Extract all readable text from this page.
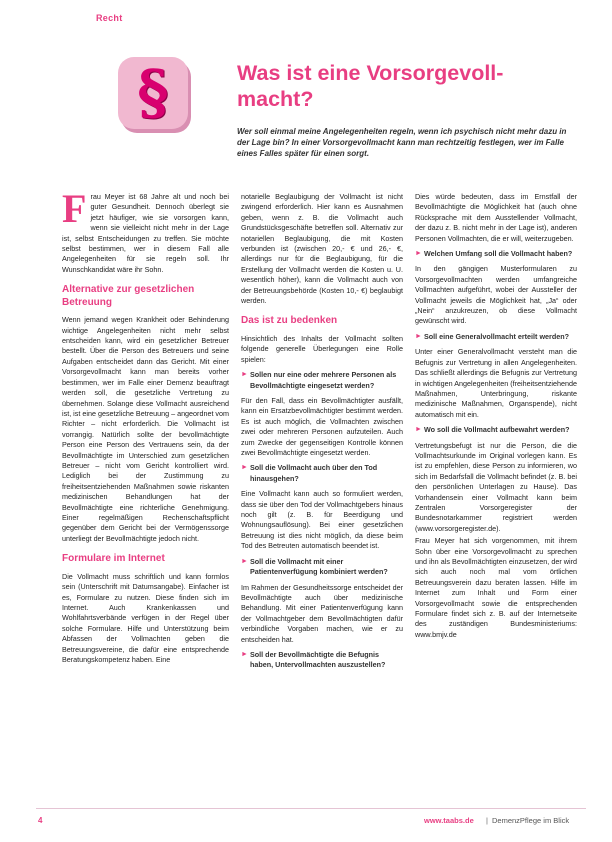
Recht
§	Was ist eine Vorsorgevoll-macht?
Wer soll einmal meine Angelegenheiten regeln, wenn ich psychisch nicht mehr dazu in der Lage bin? In einer Vorsorgevollmacht kann man rechtzeitig festlegen, wer im Falle eines Falles später für einen sorgt.

Frau Meyer ist 68 Jahre alt und noch bei guter Gesundheit. Dennoch überlegt sie jetzt häufiger, wie sie vorsorgen kann, wenn sie vielleicht nicht mehr in der Lage ist, selbst Entscheidungen zu treffen. Sie möchte selbst bestimmen, wer in diesem Fall alle Angelegenheiten für sie regeln soll. Ihr Wunschkandidat wäre ihr Sohn.

Alternative zur gesetzlichen Betreuung

Wenn jemand wegen Krankheit oder Behinderung wichtige Angelegenheiten nicht mehr selbst entscheiden kann, wird ein gesetzlicher Betreuer bestellt. Über die Person des Betreuers und seine Aufgaben entscheidet dann das Gericht. Mit einer Vorsorgevollmacht kann man bereits vorher bestimmen, wer im Falle einer Demenz beauftragt werden soll, die gesetzliche Vertretung zu übernehmen. Solange diese Vollmacht ausreichend ist, ist eine gesetzliche Betreuung – angeordnet vom Richter – nicht erforderlich. Die Vollmacht ist vorrangig. Natürlich sollte der bevollmächtigte Person eine Person des Vertrauens sein, da der Bevollmächtigte im Unterschied zum gesetzlichen Betreuer – nicht vom Gericht kontrolliert wird. Lediglich bei der Zustimmung zu freiheitsentziehenden Maßnahmen sowie riskanten medizinischen Behandlungen hat der Bevollmächtigte eine richterliche Genehmigung. Einer regelmäßigen Rechenschaftspflicht gegenüber dem Gericht bei der Vermögenssorge unterliegt der Bevollmächtigte jedoch nicht.

Formulare im Internet

Die Vollmacht muss schriftlich und kann formlos sein (Unterschrift mit Datumsangabe). Einfacher ist es, Formulare zu nutzen. Diese finden sich im Internet. Auch Krankenkassen und Wohlfahrtsverbände verfügen in der Regel über solche Formulare. Hilfe und Unterstützung beim Abfassen der Vollmachten geben die Betreuungsvereine, die dafür eine entsprechende Beratungskompetenz haben. Eine

notarielle Beglaubigung der Vollmacht ist nicht zwingend erforderlich. Hier kann es Ausnahmen geben, wenn z. B. die Vollmacht auch Grundstücksgeschäfte betreffen soll. Alternativ zur notariellen Beglaubigung, die mit Kosten verbunden ist (zwischen 20,- € und 26,- €, allerdings nur für die Beglaubigung, für die Erstellung der Vollmacht werden die Kosten u. U. wesentlich höher), kann die Vollmacht auch von der Betreuungsbehörde (Kosten 10,- €) beglaubigt werden.

Das ist zu bedenken

Hinsichtlich des Inhalts der Vollmacht sollten folgende generelle Überlegungen eine Rolle spielen:

► Sollen nur eine oder mehrere Personen als Bevollmächtigte eingesetzt werden?

Für den Fall, dass ein Bevollmächtigter ausfällt, kann ein Ersatzbevollmächtigter bestimmt werden. Es ist auch möglich, die Vollmachten zwischen zwei oder mehreren Personen aufzuteilen. Auch zum Zwecke der gegenseitigen Kontrolle können zwei Bevollmächtigte eingesetzt werden.

► Soll die Vollmacht auch über den Tod hinausgehen?

Eine Vollmacht kann auch so formuliert werden, dass sie über den Tod der Vollmachtgebers hinaus noch gilt (z. B. für Beerdigung und Wohnungsauflösung). Bei einer gesetzlichen Betreuung ist dies nicht möglich, da diese beim Tod des Betreuten automatisch beendet ist.

► Soll die Vollmacht mit einer Patientenverfügung kombiniert werden?

Im Rahmen der Gesundheitssorge entscheidet der Bevollmächtigte auch über medizinische Behandlung. Mit einer Patientenverfügung kann der Vollmachtgeber dem Bevollmächtigten dafür verbindliche Vorgaben machen, wie er zu entscheiden hat.

► Soll der Bevollmächtigte die Befugnis haben, Untervollmachten auszustellen?

Dies würde bedeuten, dass im Ernstfall der Bevollmächtigte die Möglichkeit hat (auch ohne Rücksprache mit dem Ausstellender Vollmacht, der dazu z. B. nicht mehr in der Lage ist), anderen Personen Vollmachten, die er will, weiterzugeben.

► Welchen Umfang soll die Vollmacht haben?

In den gängigen Musterformularen zu Vorsorgevollmachten werden umfangreiche Vollmachten aufgeführt, wobei der Aussteller der Vollmacht jeweils die Möglichkeit hat, „Ja“ oder „Nein“ anzukreuzen, ob diese Vollmacht gewünscht wird.

► Soll eine Generalvollmacht erteilt werden?

Unter einer Generalvollmacht versteht man die Befugnis zur Vertretung in allen Angelegenheiten. Das schließt allerdings die Befugnis zur Vertretung in wichtigen Angelegenheiten (freiheitsentziehende Maßnahmen, Unterbringung, riskante medizinische Maßnahmen, Organspende), nicht automatisch mit ein.

► Wo soll die Vollmacht aufbewahrt werden?

Vertretungsbefugt ist nur die Person, die die Vollmachtsurkunde im Original vorlegen kann. Es ist zu empfehlen, diese Person zu informieren, wo sich im Bedarfsfall die Vollmacht befindet (z. B. bei den persönlichen Unterlagen zu Hause). Das Vorhandensein einer Vollmacht kann beim Zentralen Vorsorgeregister der Bundesnotarkammer registriert werden (www.vorsorgeregister.de).

Frau Meyer hat sich vorgenommen, mit ihrem Sohn über eine Vorsorgevollmacht zu sprechen und ihn als Bevollmächtigten einzusetzen, der wird sich auch noch mal vom örtlichen Betreuungsverein dazu beraten lassen. Hilfe im Internet zum Inhalt und Form einer Vorsorgevollmacht sowie die entsprechenden Formulare findet sich z. B. auf der Internetseite des zuständigen Bundesministeriums: www.bmjv.de

4	www.taabs.de | DemenzPflege im Blick
